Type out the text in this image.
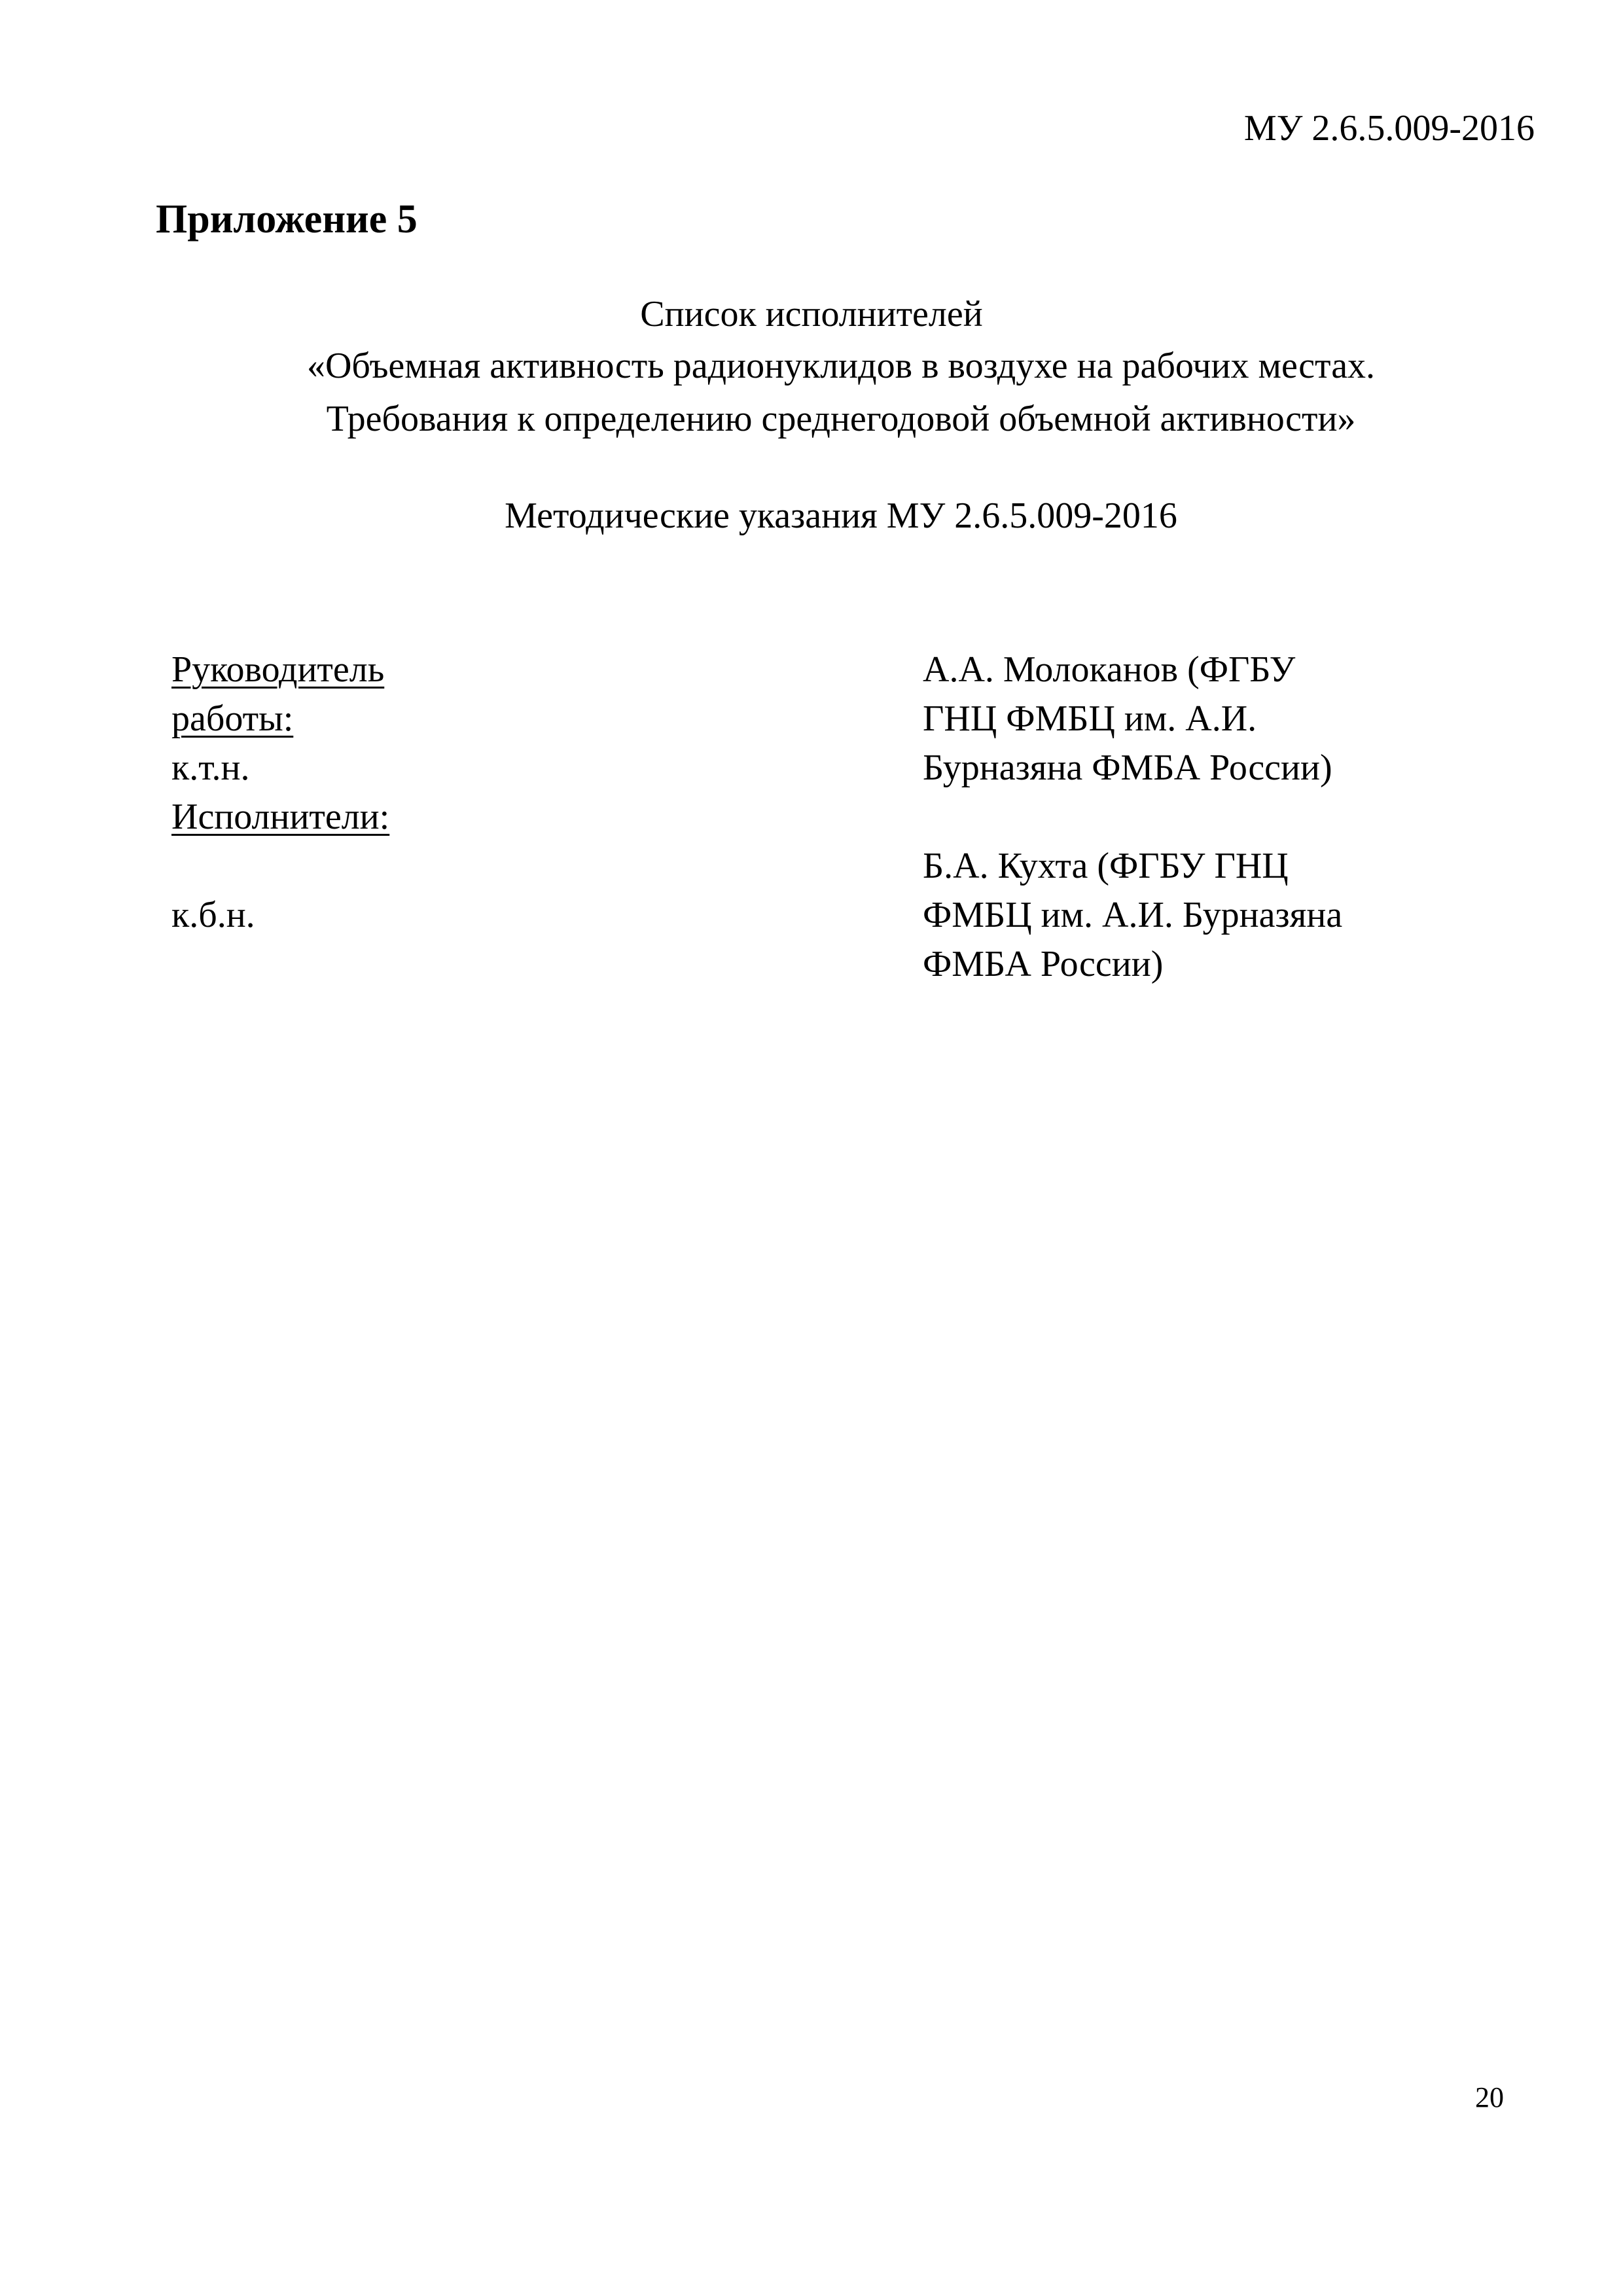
МУ 2.6.5.009-2016
Приложение 5
Список исполнителей
«Объемная активность радионуклидов в воздухе на рабочих местах.
Требования к определению среднегодовой объемной активности»
Методические указания МУ 2.6.5.009-2016
Руководитель
работы:
к.т.н.
Исполнители:
к.б.н.
А.А. Молоканов (ФГБУ
ГНЦ ФМБЦ им. А.И.
Бурназяна ФМБА России)
Б.А. Кухта (ФГБУ ГНЦ
ФМБЦ им. А.И. Бурназяна
ФМБА России)
20
